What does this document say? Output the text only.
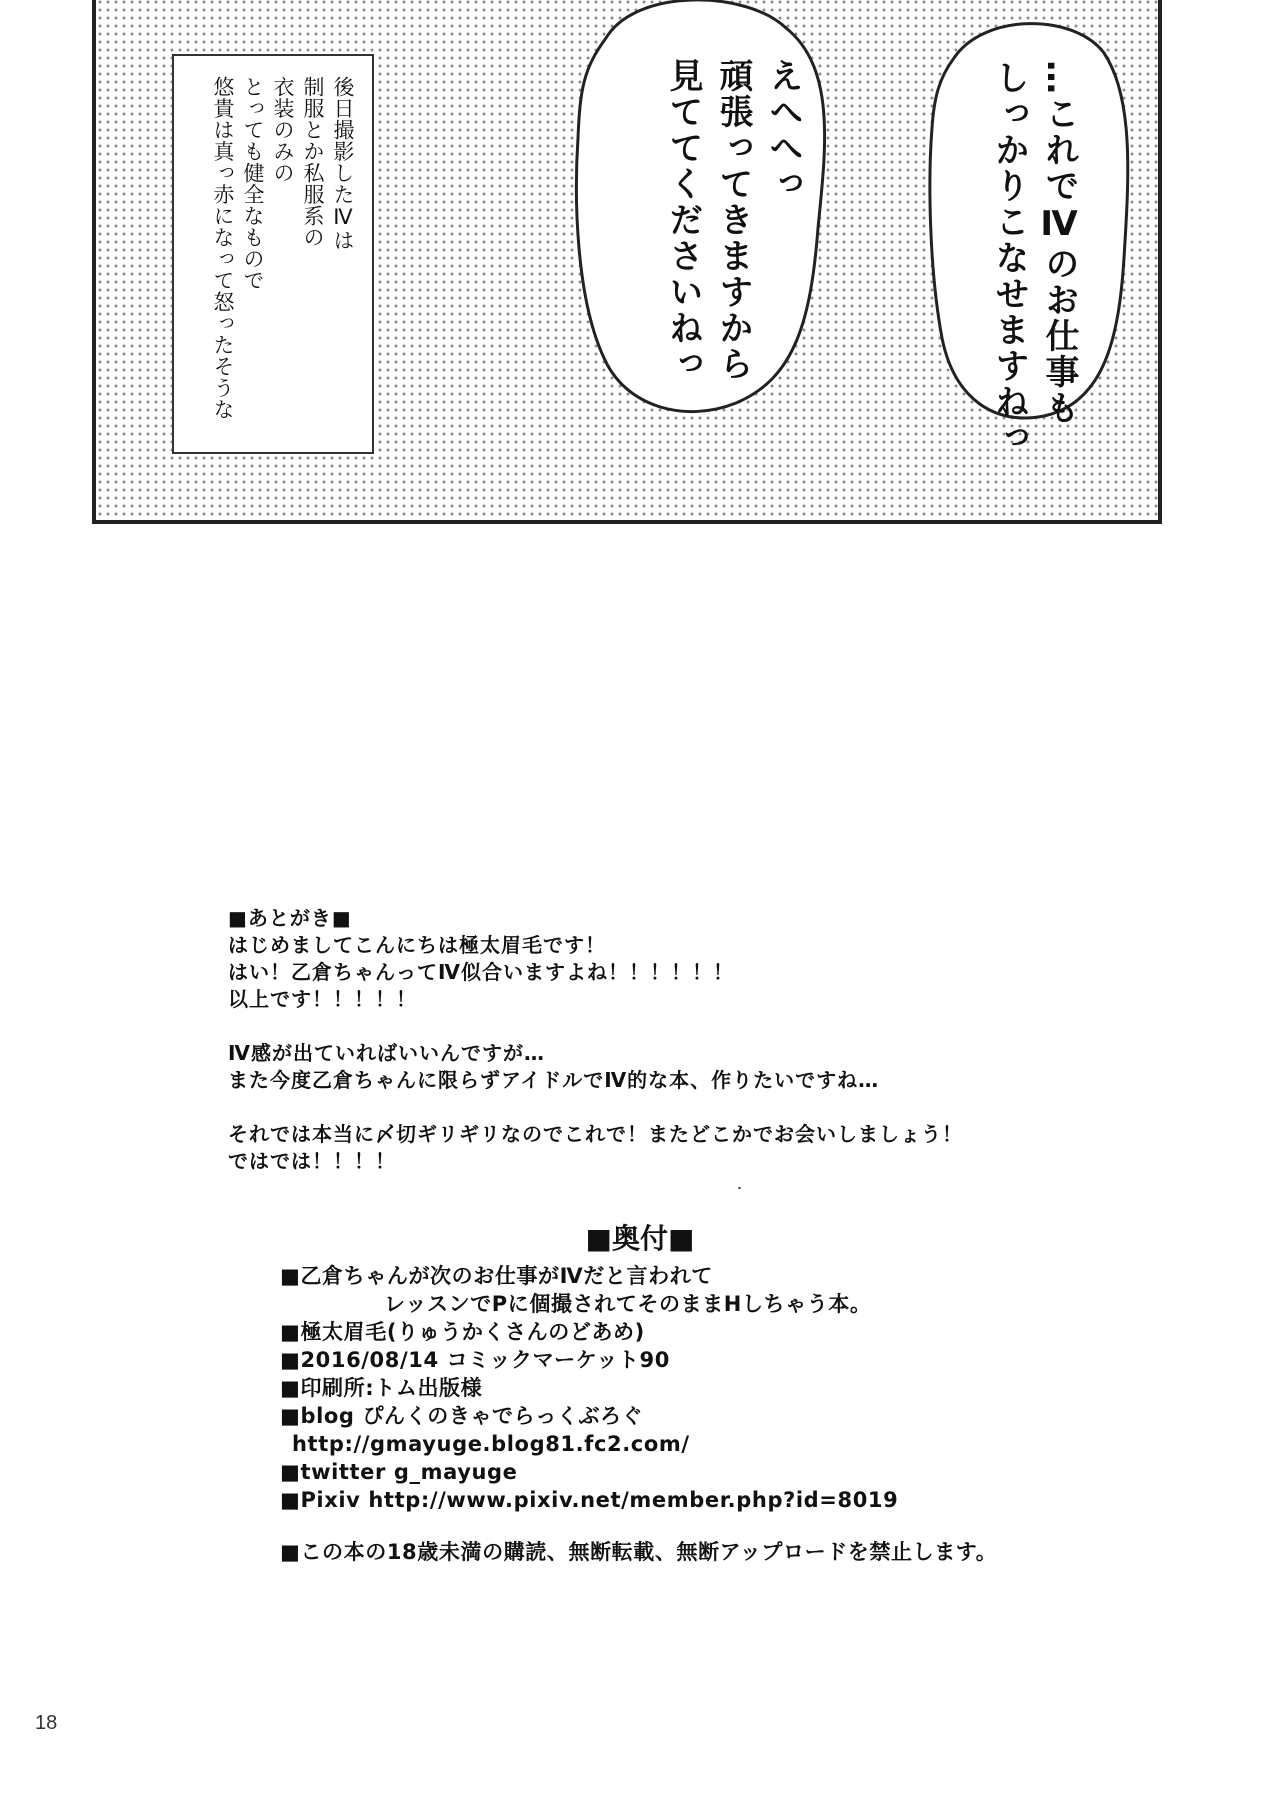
後日撮影したⅣは
制服とか私服系の
衣装のみの
とっても健全なもので
悠貴は真っ赤になって怒ったそうな	えへへっ
頑張ってきますから
見ててくださいねっ	…これでⅣのお仕事も
しっかりこなせますねっ
■あとがき■
はじめましてこんにちは極太眉毛です！
はい！乙倉ちゃんってⅣ似合いますよね！！！！！！
以上です！！！！！
Ⅳ感が出ていればいいんですが…
また今度乙倉ちゃんに限らずアイドルでⅣ的な本、作りたいですね…
それでは本当に〆切ギリギリなのでこれで！またどこかでお会いしましょう！
ではでは！！！！
■奥付■
■乙倉ちゃんが次のお仕事がⅣだと言われて
レッスンでPに個撮されてそのままHしちゃう本。
■極太眉毛(りゅうかくさんのどあめ)
■2016/08/14 コミックマーケット90
■印刷所:トム出版様
■blog ぴんくのきゃでらっくぶろぐ
http://gmayuge.blog81.fc2.com/
■twitter g_mayuge
■Pixiv http://www.pixiv.net/member.php?id=8019
■この本の18歳未満の購読、無断転載、無断アップロードを禁止します。
18
